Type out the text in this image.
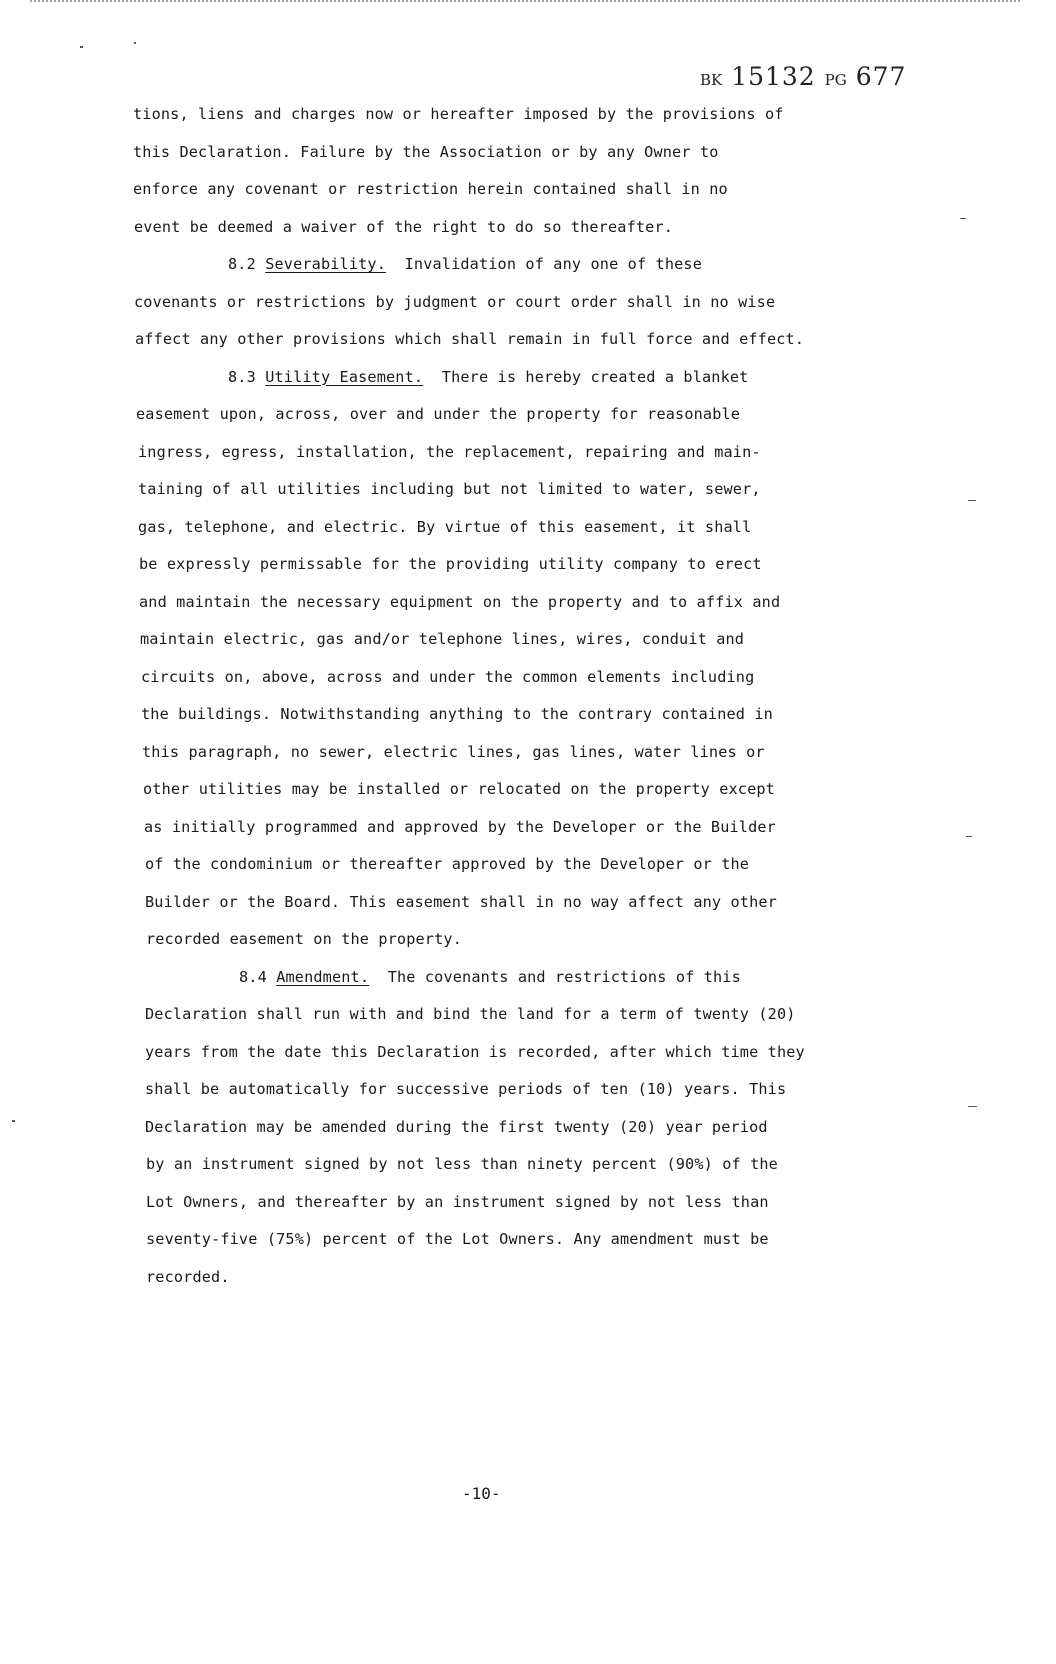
BK 15132 PG 677
tions, liens and charges now or hereafter imposed by the provisions of
this Declaration. Failure by the Association or by any Owner to
enforce any covenant or restriction herein contained shall in no
event be deemed a waiver of the right to do so thereafter.
8.2 Severability.  Invalidation of any one of these
covenants or restrictions by judgment or court order shall in no wise
affect any other provisions which shall remain in full force and effect.
8.3 Utility Easement.  There is hereby created a blanket
easement upon, across, over and under the property for reasonable
ingress, egress, installation, the replacement, repairing and main-
taining of all utilities including but not limited to water, sewer,
gas, telephone, and electric. By virtue of this easement, it shall
be expressly permissable for the providing utility company to erect
and maintain the necessary equipment on the property and to affix and
maintain electric, gas and/or telephone lines, wires, conduit and
circuits on, above, across and under the common elements including
the buildings. Notwithstanding anything to the contrary contained in
this paragraph, no sewer, electric lines, gas lines, water lines or
other utilities may be installed or relocated on the property except
as initially programmed and approved by the Developer or the Builder
of the condominium or thereafter approved by the Developer or the
Builder or the Board. This easement shall in no way affect any other
recorded easement on the property.
8.4 Amendment.  The covenants and restrictions of this
Declaration shall run with and bind the land for a term of twenty (20)
years from the date this Declaration is recorded, after which time they
shall be automatically for successive periods of ten (10) years. This
Declaration may be amended during the first twenty (20) year period
by an instrument signed by not less than ninety percent (90%) of the
Lot Owners, and thereafter by an instrument signed by not less than
seventy-five (75%) percent of the Lot Owners. Any amendment must be
recorded.
-10-
